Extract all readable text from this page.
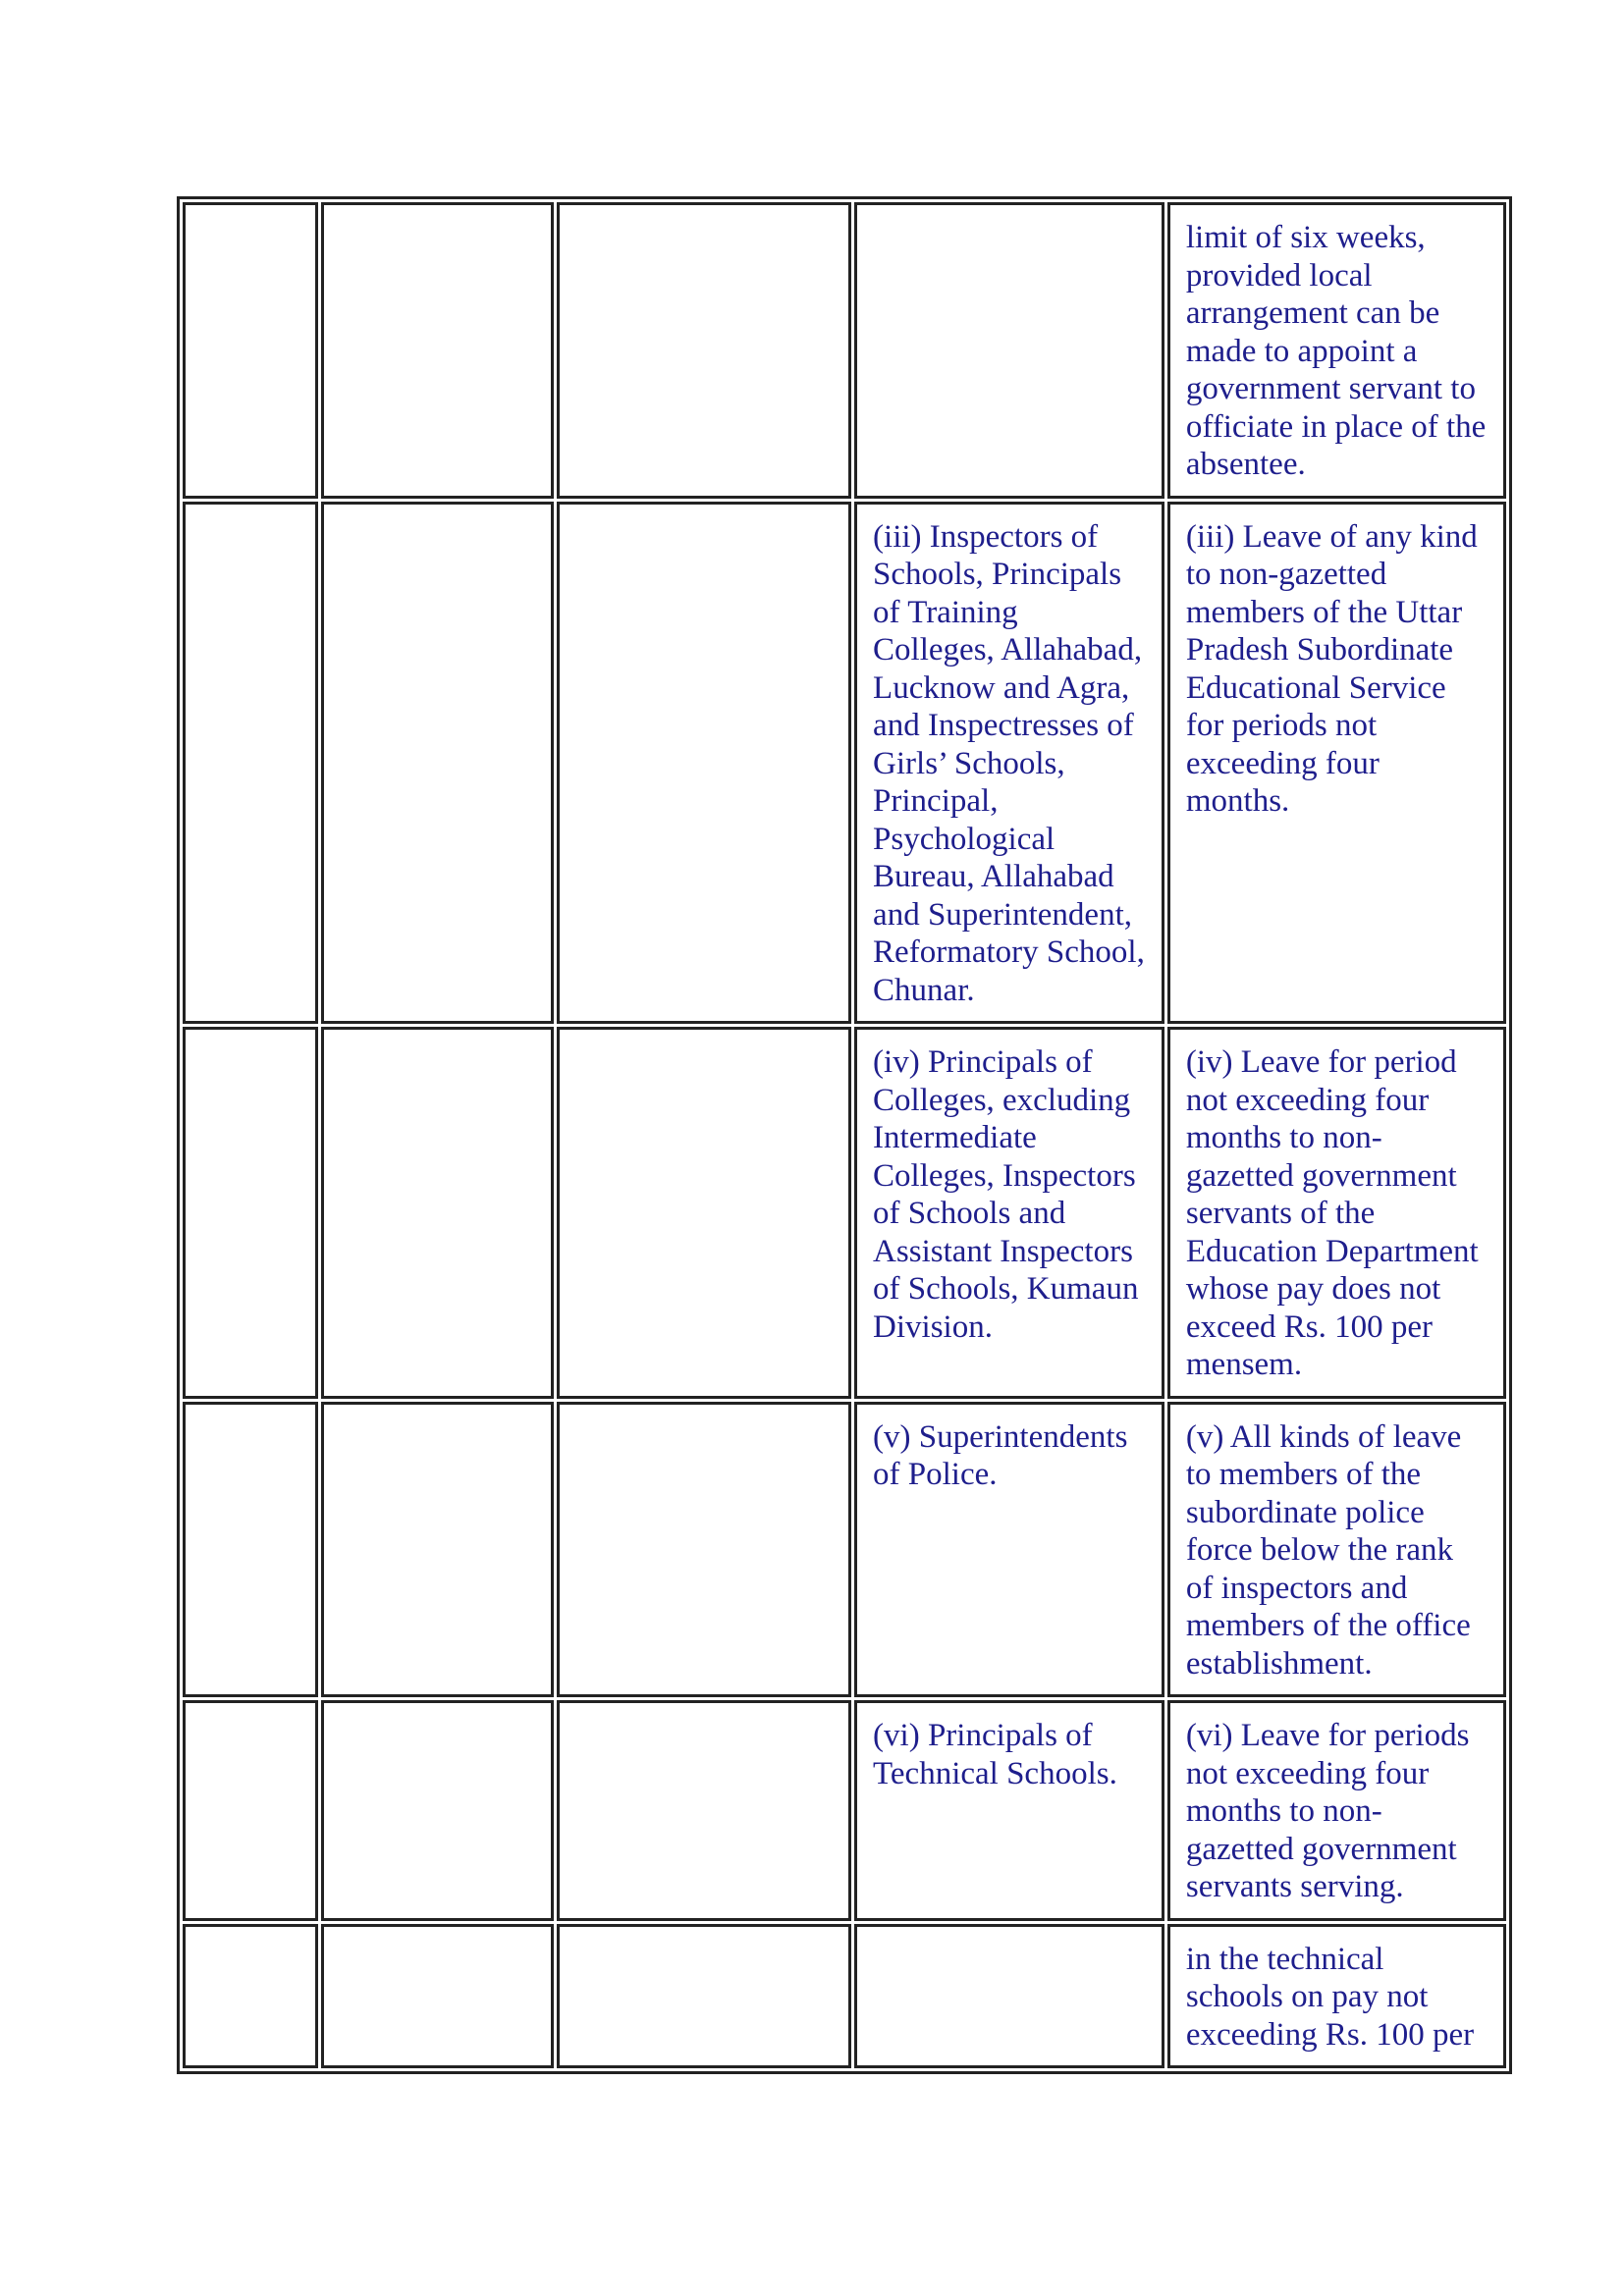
				limit of six weeks, provided local arrangement can be made to appoint a government servant to officiate in place of the absentee.
			(iii) Inspectors of Schools, Principals of Training Colleges, Allahabad, Lucknow and Agra, and Inspectresses of Girls’ Schools, Principal, Psychological Bureau, Allahabad and Superintendent, Reformatory School, Chunar.	(iii) Leave of any kind to non-gazetted members of the Uttar Pradesh Subordinate Educational Service for periods not exceeding four months.
			(iv) Principals of Colleges, excluding Intermediate Colleges, Inspectors of Schools and Assistant Inspectors of Schools, Kumaun Division.	(iv) Leave for period not exceeding four months to non-gazetted government servants of the Education Department whose pay does not exceed Rs. 100 per mensem.
			(v) Superintendents of Police.	(v) All kinds of leave to members of the subordinate police force below the rank of inspectors and members of the office establishment.
			(vi) Principals of Technical Schools.	(vi) Leave for periods not exceeding four months to non-gazetted government servants serving.
				in the technical schools on pay not exceeding Rs. 100 per
